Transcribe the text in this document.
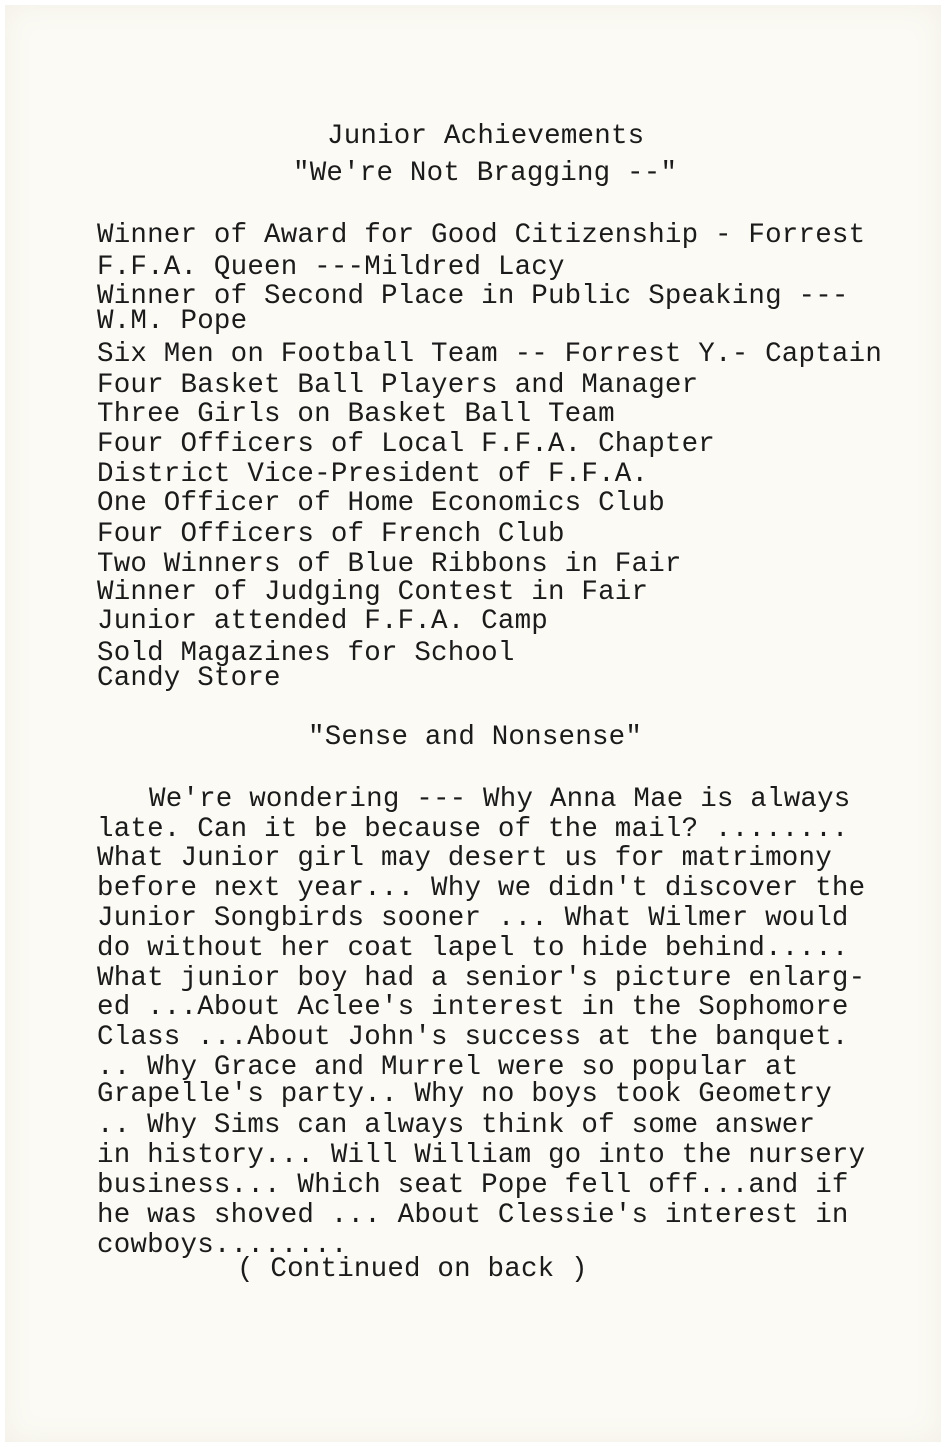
Junior Achievements
"We're Not Bragging --"
Winner of Award for Good Citizenship - Forrest
F.F.A. Queen ---Mildred Lacy
Winner of Second Place in Public Speaking ---
W.M. Pope
Six Men on Football Team -- Forrest Y.- Captain
Four Basket Ball Players and Manager
Three Girls on Basket Ball Team
Four Officers of Local F.F.A. Chapter
District Vice-President of F.F.A.
One Officer of Home Economics Club
Four Officers of French Club
Two Winners of Blue Ribbons in Fair
Winner of Judging Contest in Fair
Junior attended F.F.A. Camp
Sold Magazines for School
Candy Store
"Sense and Nonsense"
We're wondering --- Why Anna Mae is always
late. Can it be because of the mail? ........
What Junior girl may desert us for matrimony
before next year... Why we didn't discover the
Junior Songbirds sooner ... What Wilmer would
do without her coat lapel to hide behind.....
What junior boy had a senior's picture enlarg-
ed ...About Aclee's interest in the Sophomore
Class ...About John's success at the banquet.
.. Why Grace and Murrel were so popular at
Grapelle's party.. Why no boys took Geometry
.. Why Sims can always think of some answer
in history... Will William go into the nursery
business... Which seat Pope fell off...and if
he was shoved ... About Clessie's interest in
cowboys........
( Continued on back )
